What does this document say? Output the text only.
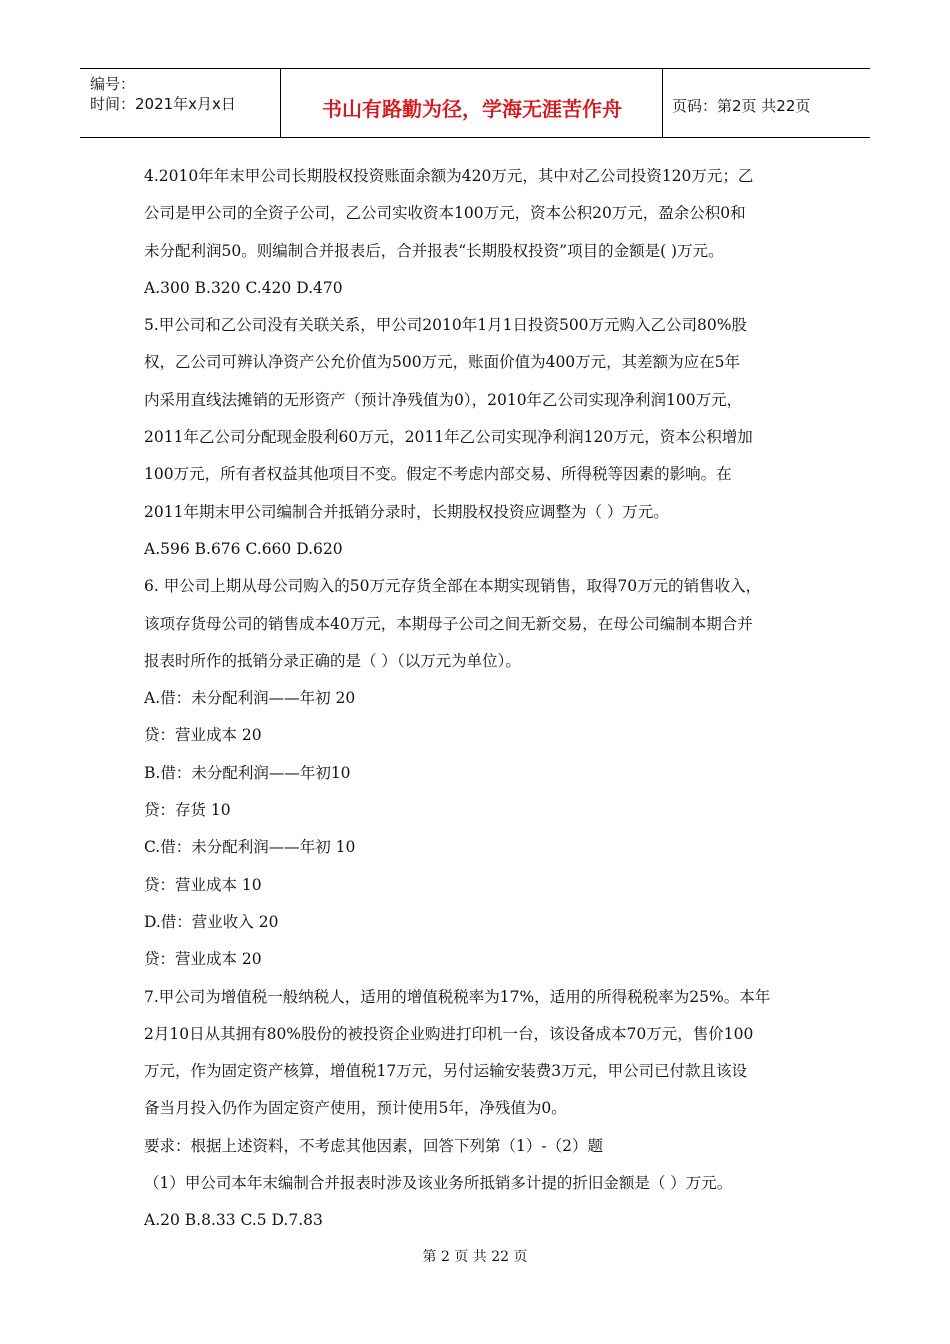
编号：
时间：2021年x月x日	书山有路勤为径，学海无涯苦作舟	页码：第2页 共22页
4.2010年年末甲公司长期股权投资账面余额为420万元，其中对乙公司投资120万元；乙
公司是甲公司的全资子公司，乙公司实收资本100万元，资本公积20万元，盈余公积0和
未分配利润50。则编制合并报表后，合并报表“长期股权投资”项目的金额是( )万元。
A.300 B.320 C.420 D.470
5.甲公司和乙公司没有关联关系，甲公司2010年1月1日投资500万元购入乙公司80%股
权，乙公司可辨认净资产公允价值为500万元，账面价值为400万元，其差额为应在5年
内采用直线法摊销的无形资产（预计净残值为0），2010年乙公司实现净利润100万元，
2011年乙公司分配现金股利60万元，2011年乙公司实现净利润120万元，资本公积增加
100万元，所有者权益其他项目不变。假定不考虑内部交易、所得税等因素的影响。在
2011年期末甲公司编制合并抵销分录时，长期股权投资应调整为（ ）万元。
A.596 B.676 C.660 D.620
6. 甲公司上期从母公司购入的50万元存货全部在本期实现销售，取得70万元的销售收入，
该项存货母公司的销售成本40万元，本期母子公司之间无新交易，在母公司编制本期合并
报表时所作的抵销分录正确的是（ ）（以万元为单位）。
A.借：未分配利润——年初 20
贷：营业成本 20
B.借：未分配利润——年初10
贷：存货 10
C.借：未分配利润——年初 10
贷：营业成本 10
D.借：营业收入 20
贷：营业成本 20
7.甲公司为增值税一般纳税人，适用的增值税税率为17%，适用的所得税税率为25%。本年
2月10日从其拥有80%股份的被投资企业购进打印机一台，该设备成本70万元，售价100
万元，作为固定资产核算，增值税17万元，另付运输安装费3万元，甲公司已付款且该设
备当月投入仍作为固定资产使用，预计使用5年，净残值为0。
要求：根据上述资料，不考虑其他因素，回答下列第（1）-（2）题
（1）甲公司本年末编制合并报表时涉及该业务所抵销多计提的折旧金额是（ ）万元。
A.20 B.8.33 C.5 D.7.83
第 2 页 共 22 页
